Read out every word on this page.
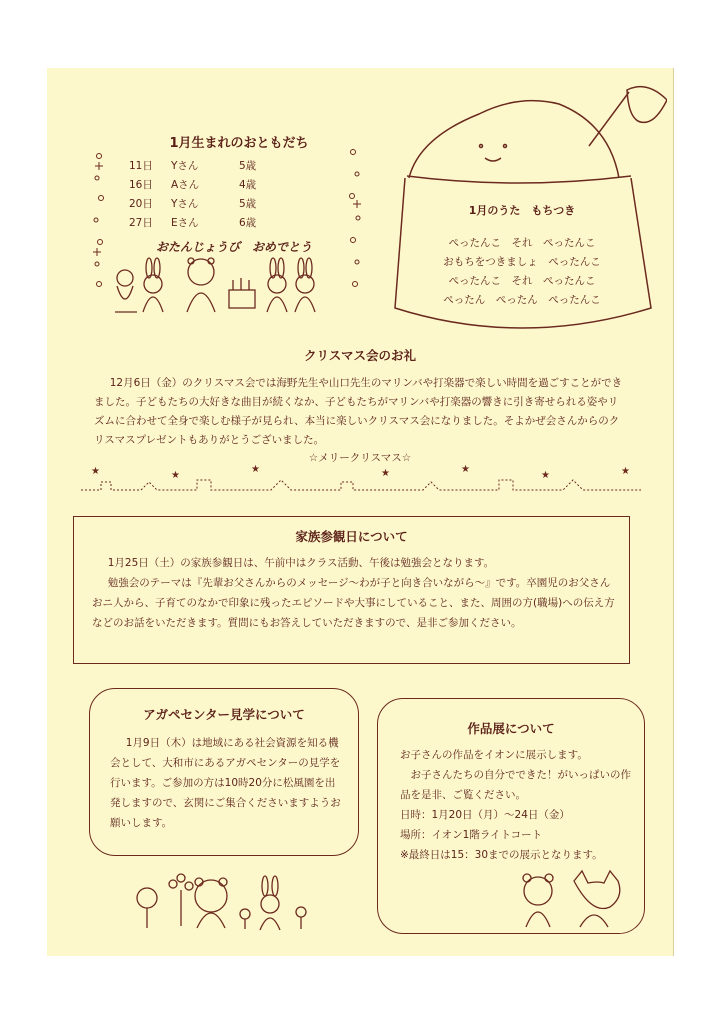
1月生まれのおともだち
11日 Yさん	5歳
16日 Aさん	4歳
20日 Yさん	5歳
27日 Eさん	6歳
おたんじょうび　おめでとう
1月のうた　もちつき
ぺったんこ　それ　ぺったんこ
おもちをつきましょ　ぺったんこ
ぺったんこ　それ　ぺったんこ
ぺったん　ぺったん　ぺったんこ
クリスマス会のお礼
12月6日（金）のクリスマス会では海野先生や山口先生のマリンバや打楽器で楽しい時間を過ごすことができました。子どもたちの大好きな曲目が続くなか、子どもたちがマリンバや打楽器の響きに引き寄せられる姿やリズムに合わせて全身で楽しむ様子が見られ、本当に楽しいクリスマス会になりました。そよかぜ会さんからのクリスマスプレゼントもありがとうございました。
☆メリークリスマス☆
★	★
★	★	★
★	★
家族参観日について

1月25日（土）の家族参観日は、午前中はクラス活動、午後は勉強会となります。

勉強会のテーマは『先輩お父さんからのメッセージ～わが子と向き合いながら～』です。卒園児のお父さんおニ人から、子育てのなかで印象に残ったエピソードや大事にしていること、また、周囲の方(職場)への伝え方などのお話をいただきます。質問にもお答えしていただきますので、是非ご参加ください。

アガペセンター見学について
1月9日（木）は地域にある社会資源を知る機会として、大和市にあるアガペセンターの見学を行います。ご参加の方は10時20分に松風園を出発しますので、玄関にご集合くださいますようお願いします。
作品展について

お子さんの作品をイオンに展示します。

お子さんたちの自分でできた！がいっぱいの作品を是非、ご覧ください。

日時：1月20日（月）～24日（金）

場所：イオン1階ライトコート

※最終日は15：30までの展示となります。
